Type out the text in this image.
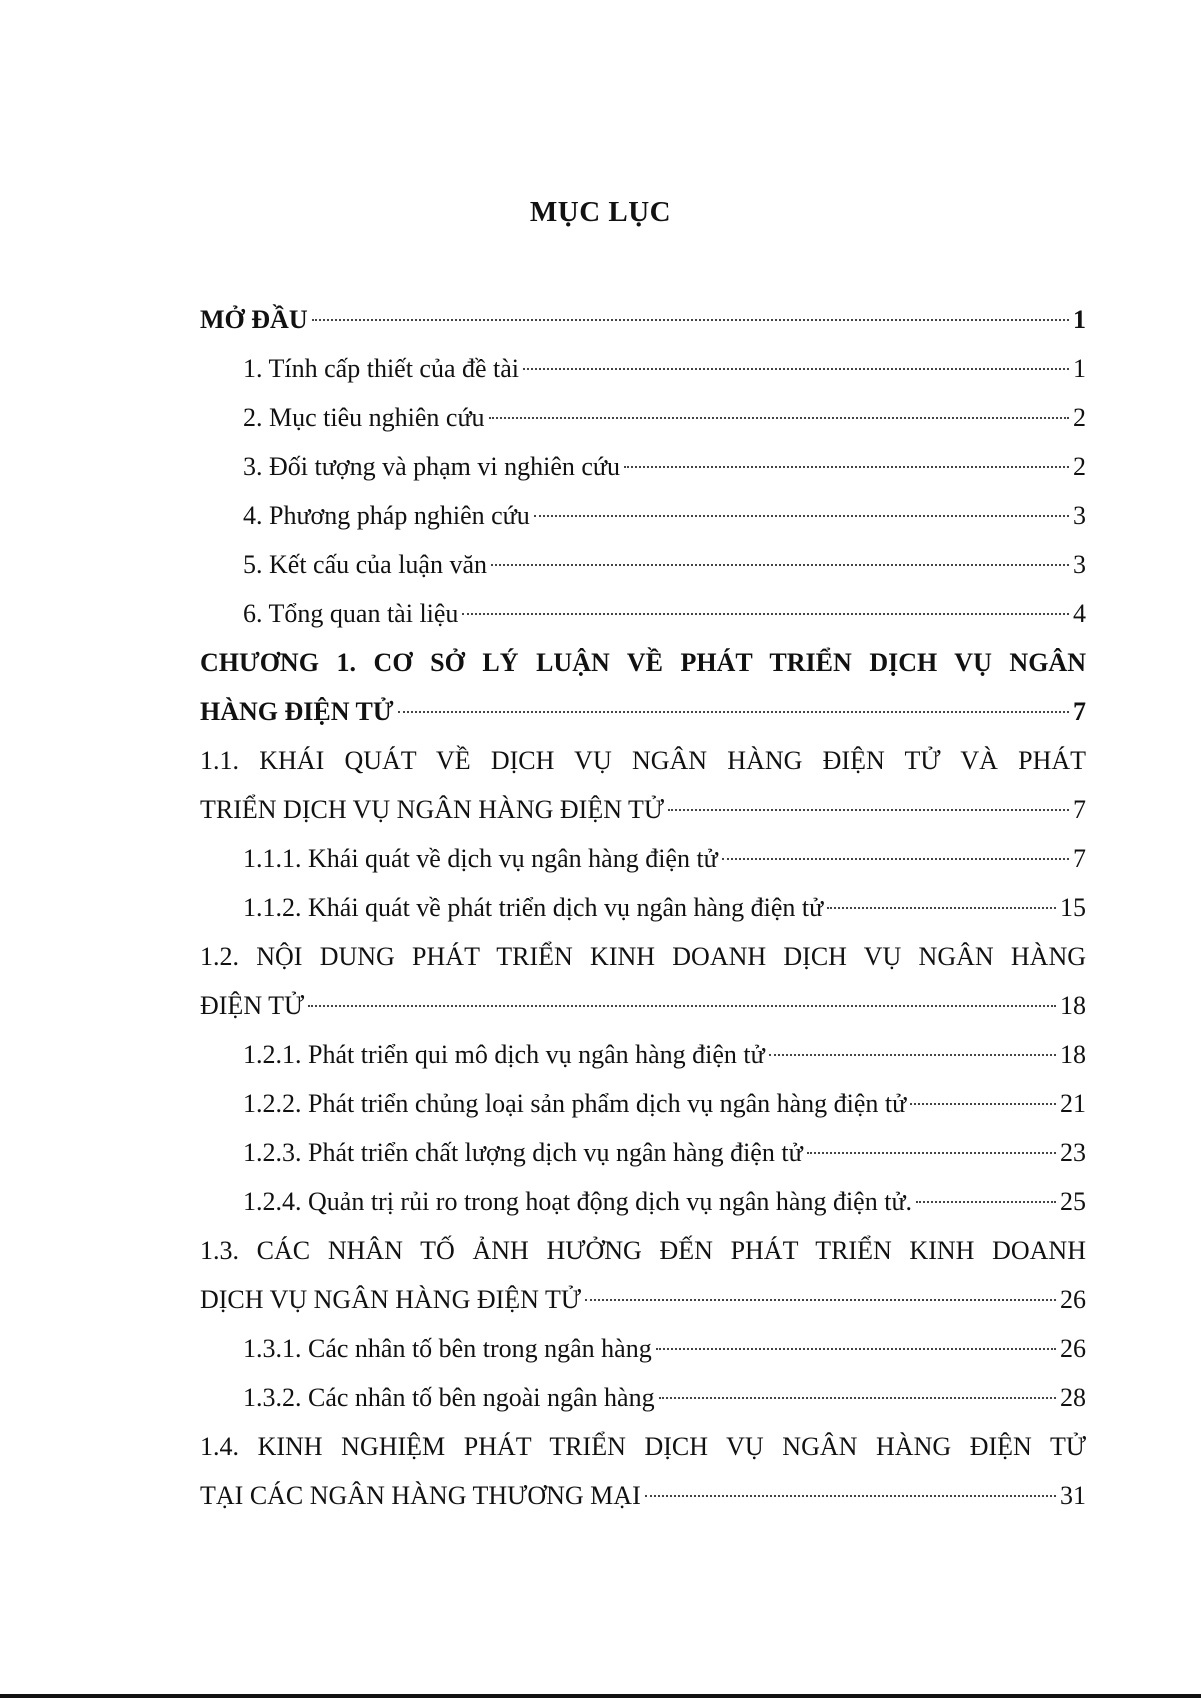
MỤC LỤC
MỞ ĐẦU	1
1. Tính cấp thiết của đề tài	1
2. Mục tiêu nghiên cứu	2
3. Đối tượng và phạm vi nghiên cứu	2
4. Phương pháp nghiên cứu	3
5. Kết cấu của luận văn	3
6. Tổng quan tài liệu	4
CHƯƠNG 1. CƠ SỞ LÝ LUẬN VỀ PHÁT TRIỂN DỊCH VỤ NGÂN
HÀNG ĐIỆN TỬ	7
1.1. KHÁI QUÁT VỀ DỊCH VỤ NGÂN HÀNG ĐIỆN TỬ VÀ PHÁT
TRIỂN DỊCH VỤ NGÂN HÀNG ĐIỆN TỬ	7
1.1.1. Khái quát về dịch vụ ngân hàng điện tử	7
1.1.2. Khái quát về phát triển dịch vụ ngân hàng điện tử	15
1.2. NỘI DUNG PHÁT TRIỂN KINH DOANH DỊCH VỤ NGÂN HÀNG
ĐIỆN TỬ	18
1.2.1. Phát triển qui mô dịch vụ ngân hàng điện tử	18
1.2.2. Phát triển chủng loại sản phẩm dịch vụ ngân hàng điện tử	21
1.2.3. Phát triển chất lượng dịch vụ ngân hàng điện tử	23
1.2.4. Quản trị rủi ro trong hoạt động dịch vụ ngân hàng điện tử.	25
1.3. CÁC NHÂN TỐ ẢNH HƯỞNG ĐẾN PHÁT TRIỂN KINH DOANH
DỊCH VỤ NGÂN HÀNG ĐIỆN TỬ	26
1.3.1. Các nhân tố bên trong ngân hàng	26
1.3.2. Các nhân tố bên ngoài ngân hàng	28
1.4. KINH NGHIỆM PHÁT TRIỂN DỊCH VỤ NGÂN HÀNG ĐIỆN TỬ
TẠI CÁC NGÂN HÀNG THƯƠNG MẠI	31
